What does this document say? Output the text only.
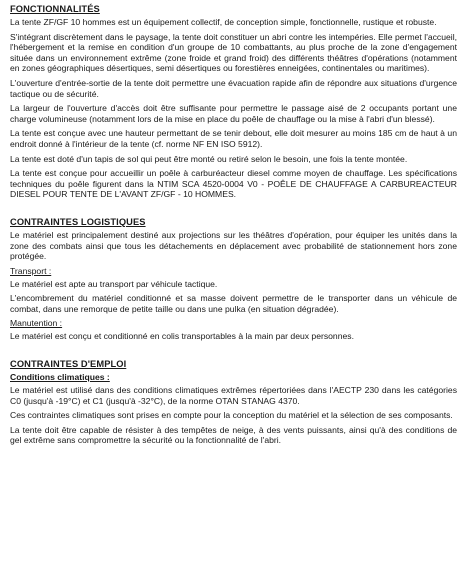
FONCTIONNALITÉS

La tente ZF/GF 10 hommes est un équipement collectif, de conception simple, fonctionnelle, rustique et robuste.

S'intégrant discrètement dans le paysage, la tente doit constituer un abri contre les intempéries. Elle permet l'accueil, l'hébergement et la remise en condition d'un groupe de 10 combattants, au plus proche de la zone d'engagement située dans un environnement extrême (zone froide et grand froid) des différents théâtres d'opérations (notamment en zones géographiques désertiques, semi désertiques ou forestières enneigées, continentales ou maritimes).

L'ouverture d'entrée-sortie de la tente doit permettre une évacuation rapide afin de répondre aux situations d'urgence tactique ou de sécurité.

La largeur de l'ouverture d'accès doit être suffisante pour permettre le passage aisé de 2 occupants portant une charge volumineuse (notamment lors de la mise en place du poêle de chauffage ou la mise à l'abri d'un blessé).

La tente est conçue avec une hauteur permettant de se tenir debout, elle doit mesurer au moins 185 cm de haut à un endroit donné à l'intérieur de la tente (cf. norme NF EN ISO 5912).

La tente est doté d'un tapis de sol qui peut être monté ou retiré selon le besoin, une fois la tente montée.

La tente est conçue pour accueillir un poêle à carburéacteur diesel comme moyen de chauffage. Les spécifications techniques du poêle figurent dans la NTIM SCA 4520-0004 V0 - POÊLE DE CHAUFFAGE A CARBUREACTEUR DIESEL POUR TENTE DE L'AVANT ZF/GF - 10 HOMMES.

CONTRAINTES LOGISTIQUES

Le matériel est principalement destiné aux projections sur les théâtres d'opération, pour équiper les unités dans la zone des combats ainsi que tous les détachements en déplacement avec probabilité de stationnement hors zone protégée.

Transport :

Le matériel est apte au transport par véhicule tactique.

L'encombrement du matériel conditionné et sa masse doivent permettre de le transporter dans un véhicule de combat, dans une remorque de petite taille ou dans une pulka (en situation dégradée).

Manutention :

Le matériel est conçu et conditionné en colis transportables à la main par deux personnes.

CONTRAINTES D'EMPLOI
Conditions climatiques :

Le matériel est utilisé dans des conditions climatiques extrêmes répertoriées dans l'AECTP 230 dans les catégories C0 (jusqu'à -19°C) et C1 (jusqu'à -32°C), de la norme OTAN STANAG 4370.

Ces contraintes climatiques sont prises en compte pour la conception du matériel et la sélection de ses composants.

La tente doit être capable de résister à des tempêtes de neige, à des vents puissants, ainsi qu'à des conditions de gel extrême sans compromettre la sécurité ou la fonctionnalité de l'abri.
